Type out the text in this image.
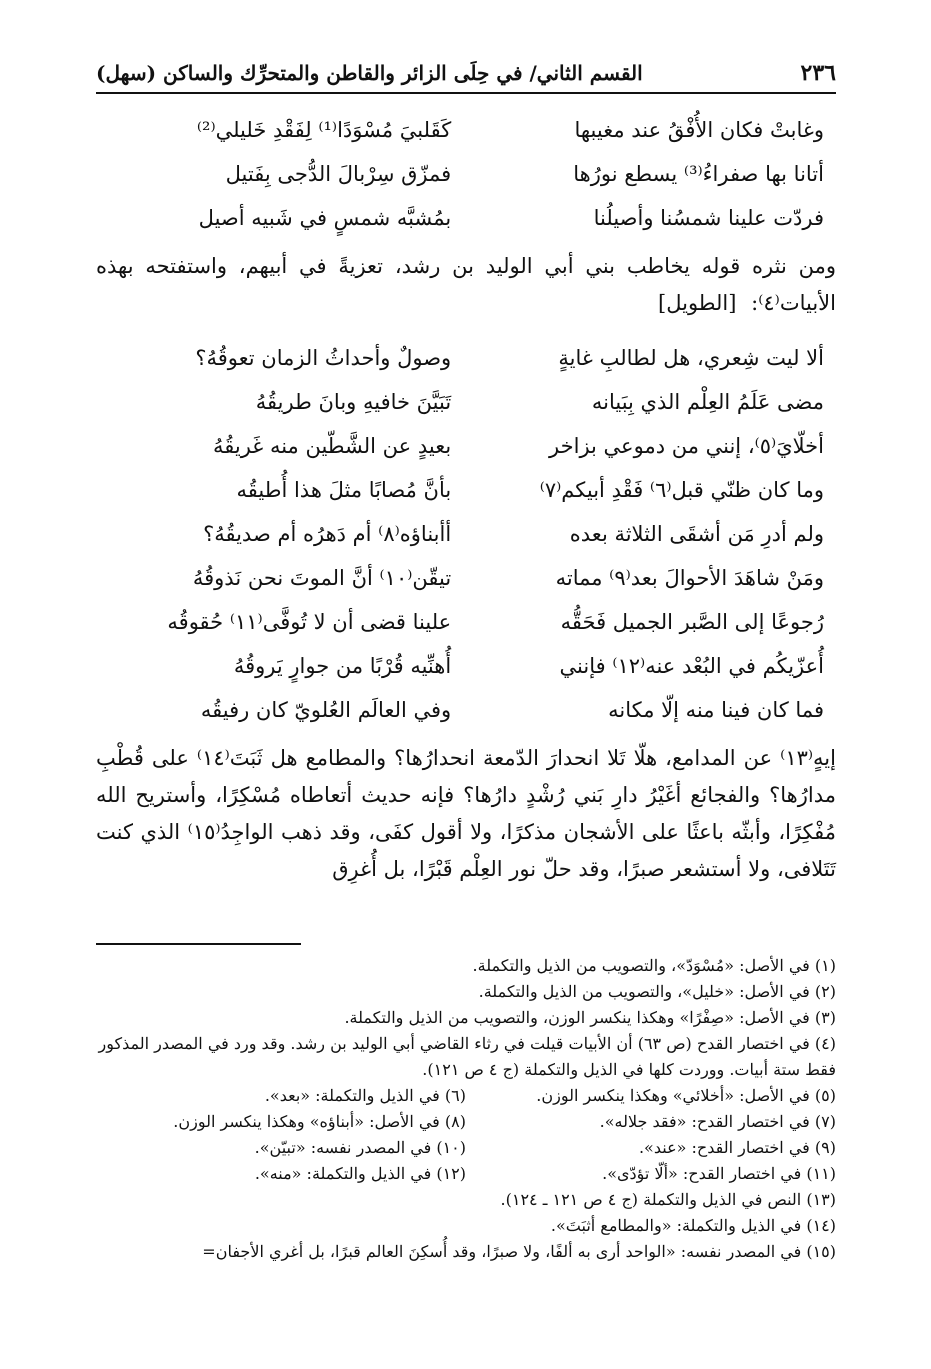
٢٣٦
القسم الثاني/ في حِلَى الزائر والقاطن والمتحرِّك والساكن (سهل)
وغابتْ فكان الأُفْقُ عند مغيبها
كَقَلبيَ مُسْوَدًا⁽¹⁾ لِفَقْدِ خَليلي⁽²⁾
أتانا بها صفراءُ⁽³⁾ يسطع نورُها
فمزّق سِرْبالَ الدُّجى بِفَتيل
فردّت علينا شمسُنا وأصيلُنا
بمُشبَّه شمسٍ في شَبيه أصيل

ومن نثره قوله يخاطب بني أبي الوليد بن رشد، تعزيةً في أبيهم، واستفتحه بهذه الأبيات⁽٤⁾: [الطويل]

ألا ليت شِعري، هل لطالبِ غايةٍ
وصولٌ وأحداثُ الزمان تعوقُهُ؟
مضى عَلَمُ العِلْم الذي بِبَيانه
تَبَيَّنَ خافيهِ وبانَ طريقُهُ
أخلّايَ⁽٥⁾، إنني من دموعي بزاخر
بعيدٍ عن الشَّطّين منه غَريقُهُ
وما كان ظنّي قبل⁽٦⁾ فَقْدِ أبيكم⁽٧⁾
بأنَّ مُصابًا مثلَ هذا أُطيقُه
ولم أدرِ مَن أشقَى الثلاثة بعده
أأبناؤه⁽٨⁾ أم دَهرُه أم صديقُهُ؟
ومَنْ شاهَدَ الأحوالَ بعد⁽٩⁾ مماته
تيقّن⁽١٠⁾ أنَّ الموتَ نحن نَذوقُهُ
رُجوعًا إلى الصَّبر الجميل فَحَقُّه
علينا قضى أن لا تُوفَّى⁽١١⁾ حُقوقُه
أُعزّيكُم في البُعْد عنه⁽١٢⁾ فإنني
أُهنِّيه قُرْبًا من جوارٍ يَروقُهُ
فما كان فينا منه إلّا مكانه
وفي العالَم العُلويّ كان رفيقُه

إيهٍ⁽١٣⁾ عن المدامع، هلّا تَلا انحدارَ الدّمعة انحدارُها؟ والمطامع هل ثَبَتَ⁽١٤⁾ على قُطْبِ مدارُها؟ والفجائع أغَيْرُ دارِ بَني رُشْدٍ دارُها؟ فإنه حديث أتعاطاه مُسْكِرًا، وأستريح الله مُفْكِرًا، وأبثّه باعثًا على الأشجان مذكرًا، ولا أقول كفَى، وقد ذهب الواجِدُ⁽١٥⁾ الذي كنت تَتَلافى، ولا أستشعر صبرًا، وقد حلّ نور العِلْم قَبْرًا، بل أُغرِق

(١) في الأصل: «مُسْوَدّ»، والتصويب من الذيل والتكملة.
(٢) في الأصل: «خليل»، والتصويب من الذيل والتكملة.
(٣) في الأصل: «صِفْرًا» وهكذا ينكسر الوزن، والتصويب من الذيل والتكملة.
(٤) في اختصار القدح (ص ٦٣) أن الأبيات قيلت في رثاء القاضي أبي الوليد بن رشد. وقد ورد في المصدر المذكور فقط ستة أبيات. ووردت كلها في الذيل والتكملة (ج ٤ ص ١٢١).
(٥) في الأصل: «أخلائي» وهكذا ينكسر الوزن.
(٦) في الذيل والتكملة: «بعد».
(٧) في اختصار القدح: «فقد جلاله».
(٨) في الأصل: «أبناؤه» وهكذا ينكسر الوزن.
(٩) في اختصار القدح: «عند».
(١٠) في المصدر نفسه: «تبيّن».
(١١) في اختصار القدح: «ألّا تؤدّى».
(١٢) في الذيل والتكملة: «منه».
(١٣) النص في الذيل والتكملة (ج ٤ ص ١٢١ ـ ١٢٤).
(١٤) في الذيل والتكملة: «والمطامع أثبَتَ».
(١٥) في المصدر نفسه: «الواحد أرى به ألفًا، ولا صبرًا، وقد أُسكِنَ العالم قبرًا، بل أغري الأجفان=
